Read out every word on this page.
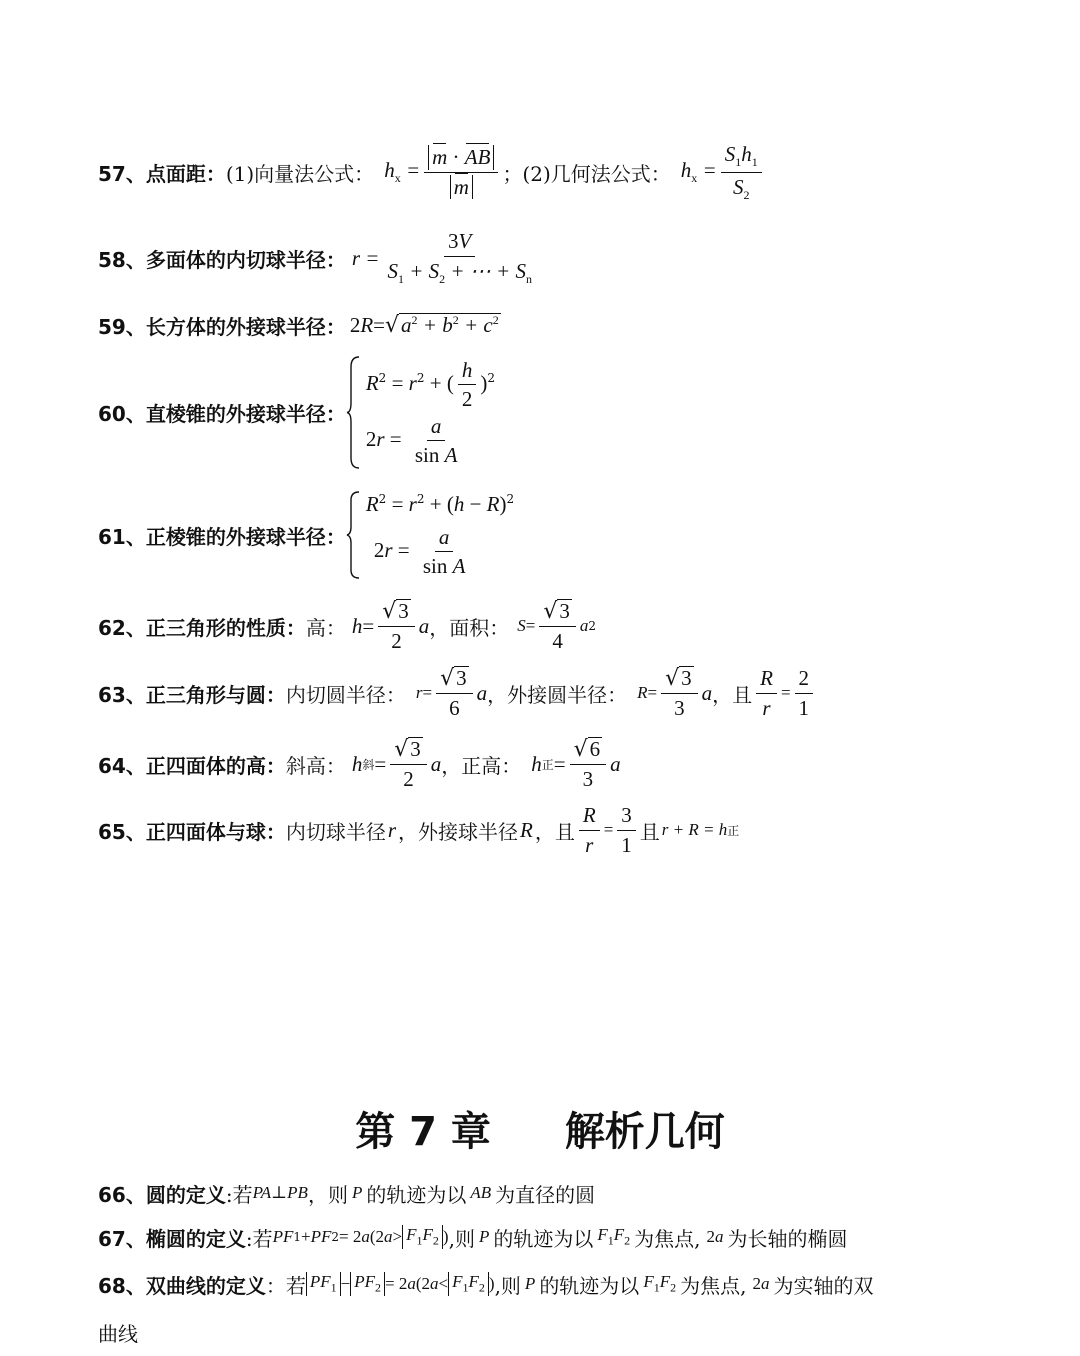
57、 点面距： (1)向量法公式： $h_x = \frac{m \cdot AB}{m}$ ；(2)几何法公式： $h_x = \frac{S_1h_1}{S_2}$
58、 多面体的内切球半径： $r = \frac{3V}{S_1 + S_2 + \cdots + S_n}$
59、 长方体的外接球半径： 2 R = √ $a^2 + b^2 + c^2$
60、 直棱锥的外接球半径：
$R^2 = r^2$ + ( $\frac{h}{2} )^2$
$2r = \frac{a}{\text{sin A}}$
61、 正棱锥的外接球半径：
$R^2 = r^2 + (h - R)^2$
$2r = \frac{a}{\text{sin A}}$
62、 正三角形的性质： 高： $h = \frac{√ 3}{2}$ a ，面积： $S = \frac{√ 3}{4}$ a 2
63、 正三角形与圆： 内切圆半径： $r = \frac{√ 3}{6}$ a ，外接圆半径： $R = \frac{√ 3}{3}$ a ，且 $\frac{R}{r} = \frac{2}{1}$
64、 正四面体的高： 斜高： h 斜 = $\frac{√ 3}{2}$ a ，正高： h 正 = $\frac{√ 6}{3}$ a
65、 正四面体与球： 内切球半径 r ，外接球半径 R ，且 $\frac{R}{r} = \frac{3}{1}$ 且 r + R = h 正
第 7 章 解析几何
66、 圆的定义 :若 PA ⊥ PB ，则 P 的轨迹为以 AB 为直径的圆
67、 椭圆的定义 :若 PF 1 + PF 2 = 2 a (2 $a > F_1F_2$ ) ,则 P 的轨迹为以 $F_1F_2$ 为焦点, 2 a 为长轴的椭圆
68、 双曲线的定义 ：若 $PF_1 - PF_2 = 2$ a (2 $a < F_1F_2$ ) ,则 P 的轨迹为以 $F_1F_2$ 为焦点, 2 a 为实轴的双
曲线
